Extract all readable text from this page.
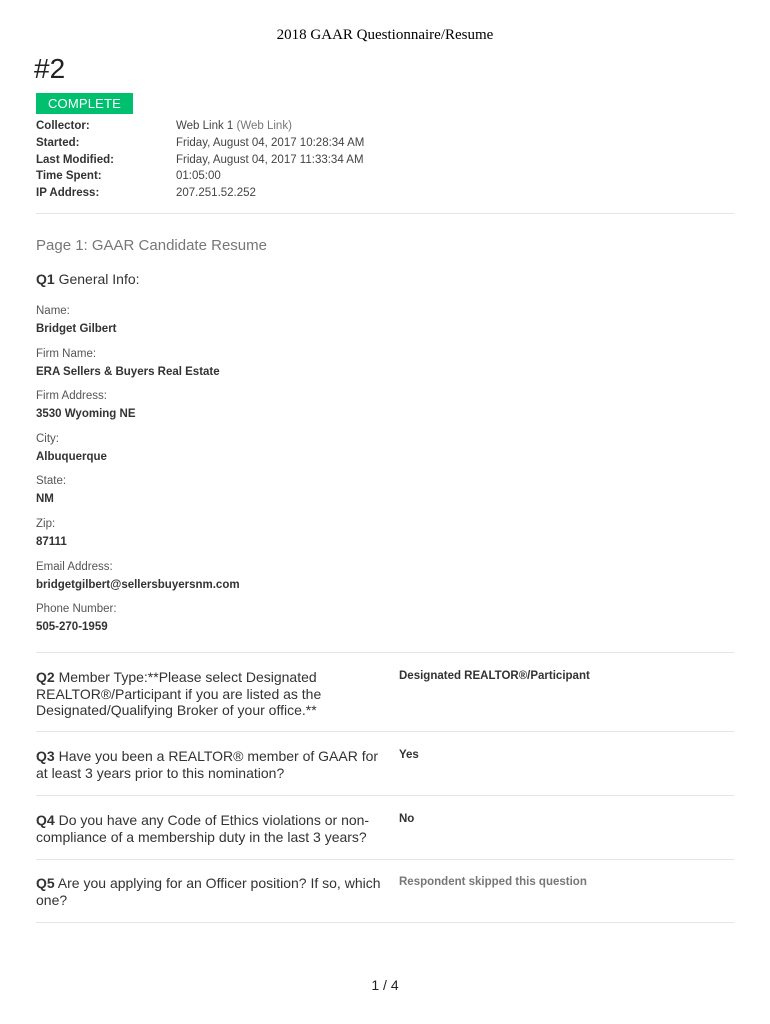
2018 GAAR Questionnaire/Resume
#2
COMPLETE
Collector:	Web Link 1 (Web Link)
Started:	Friday, August 04, 2017 10:28:34 AM
Last Modified:	Friday, August 04, 2017 11:33:34 AM
Time Spent:	01:05:00
IP Address:	207.251.52.252
Page 1: GAAR Candidate Resume
Q1 General Info:
Name:
Bridget Gilbert
Firm Name:
ERA Sellers & Buyers Real Estate
Firm Address:
3530 Wyoming NE
City:
Albuquerque
State:
NM
Zip:
87111
Email Address:
bridgetgilbert@sellersbuyersnm.com
Phone Number:
505-270-1959
Q2 Member Type:**Please select Designated REALTOR®/Participant if you are listed as the Designated/Qualifying Broker of your office.**
Designated REALTOR®/Participant
Q3 Have you been a REALTOR® member of GAAR for at least 3 years prior to this nomination?
Yes
Q4 Do you have any Code of Ethics violations or non-compliance of a membership duty in the last 3 years?
No
Q5 Are you applying for an Officer position? If so, which one?
Respondent skipped this question
1 / 4
